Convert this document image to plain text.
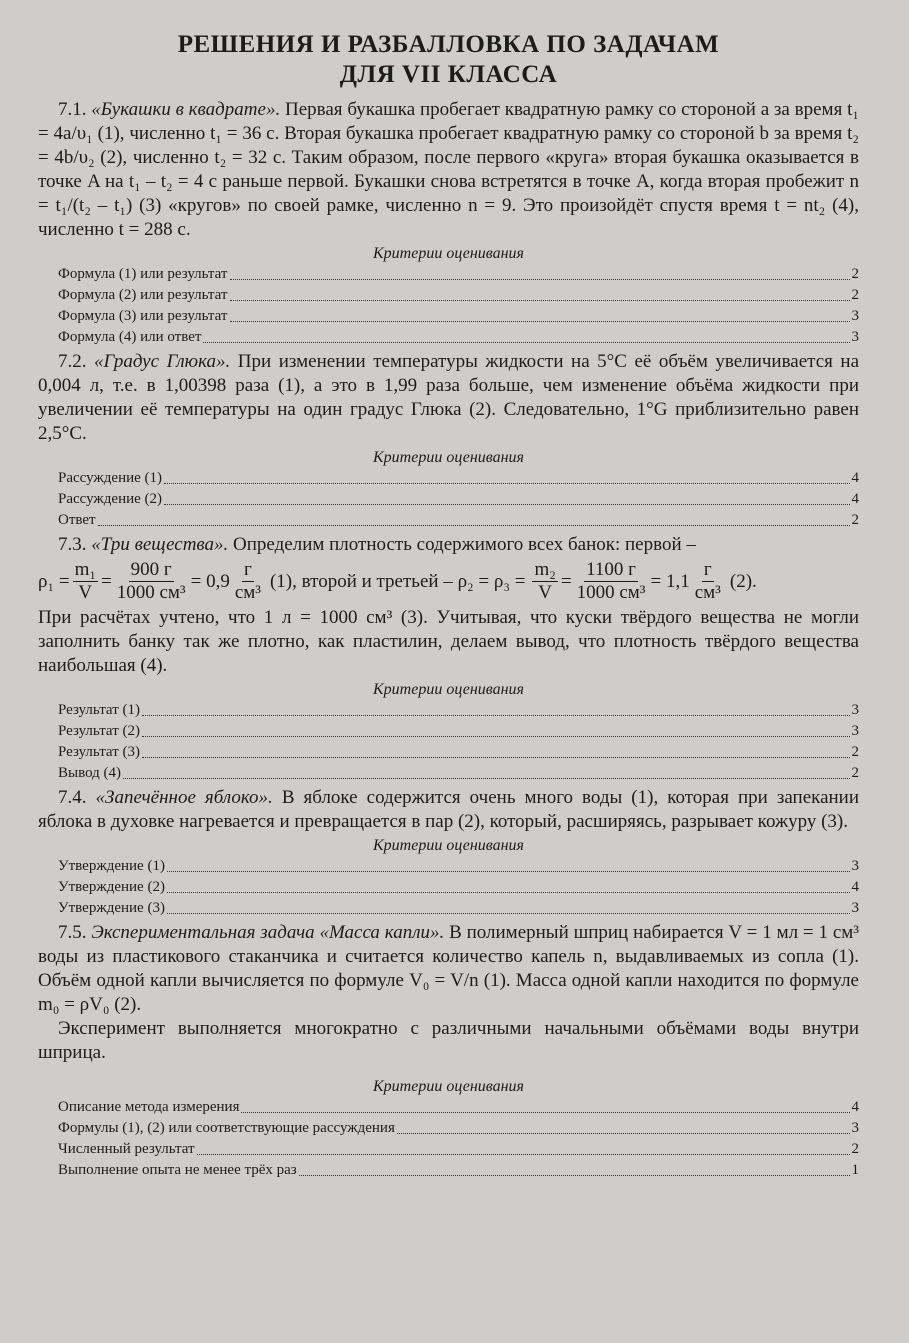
РЕШЕНИЯ И РАЗБАЛЛОВКА ПО ЗАДАЧАМ
ДЛЯ VII КЛАССА

7.1. «Букашки в квадрате». Первая букашка пробегает квадратную рамку со стороной a за время t₁ = 4a/υ₁ (1), численно t₁ = 36 с. Вторая букашка пробегает квадратную рамку со стороной b за время t₂ = 4b/υ₂ (2), численно t₂ = 32 с. Таким образом, после первого «круга» вторая букашка оказывается в точке A на t₁ – t₂ = 4 с раньше первой. Букашки снова встретятся в точке A, когда вторая пробежит n = t₁/(t₂ – t₁) (3) «кругов» по своей рамке, численно n = 9. Это произойдёт спустя время t = nt₂ (4), численно t = 288 с.

Критерии оценивания
Формула (1) или результат	2
Формула (2) или результат	2
Формула (3) или результат	3
Формула (4) или ответ	3

7.2. «Градус Глюка». При изменении температуры жидкости на 5°C её объём увеличивается на 0,004 л, т.е. в 1,00398 раза (1), а это в 1,99 раза больше, чем изменение объёма жидкости при увеличении её температуры на один градус Глюка (2). Следовательно, 1°G приблизительно равен 2,5°C.

Критерии оценивания
Рассуждение (1)	4
Рассуждение (2)	4
Ответ	2

7.3. «Три вещества». Определим плотность содержимого всех банок: первой –

$\rho_1 = \frac{\text{m₁}}{V} = \frac{900 г}{\text{1000 см³}} = 0,9 \frac{г}{\text{см³}} (1)$, второй и третьей – $\rho_2 = \rho_3 = \frac{\text{m₂}}{V} = \frac{1100 г}{\text{1000 см³}} = 1,1 \frac{г}{\text{см³}} (2)$.

При расчётах учтено, что 1 л = 1000 см³ (3). Учитывая, что куски твёрдого вещества не могли заполнить банку так же плотно, как пластилин, делаем вывод, что плотность твёрдого вещества наибольшая (4).

Критерии оценивания
Результат (1)	3
Результат (2)	3
Результат (3)	2
Вывод (4)	2

7.4. «Запечённое яблоко». В яблоке содержится очень много воды (1), которая при запекании яблока в духовке нагревается и превращается в пар (2), который, расширяясь, разрывает кожуру (3).

Критерии оценивания
Утверждение (1)	3
Утверждение (2)	4
Утверждение (3)	3

7.5. Экспериментальная задача «Масса капли». В полимерный шприц набирается V = 1 мл = 1 см³ воды из пластикового стаканчика и считается количество капель n, выдавливаемых из сопла (1). Объём одной капли вычисляется по формуле V₀ = V/n (1). Масса одной капли находится по формуле m₀ = ρV₀ (2).

Эксперимент выполняется многократно с различными начальными объёмами воды внутри шприца.

Критерии оценивания
Описание метода измерения	4
Формулы (1), (2) или соответствующие рассуждения	3
Численный результат	2
Выполнение опыта не менее трёх раз	1
